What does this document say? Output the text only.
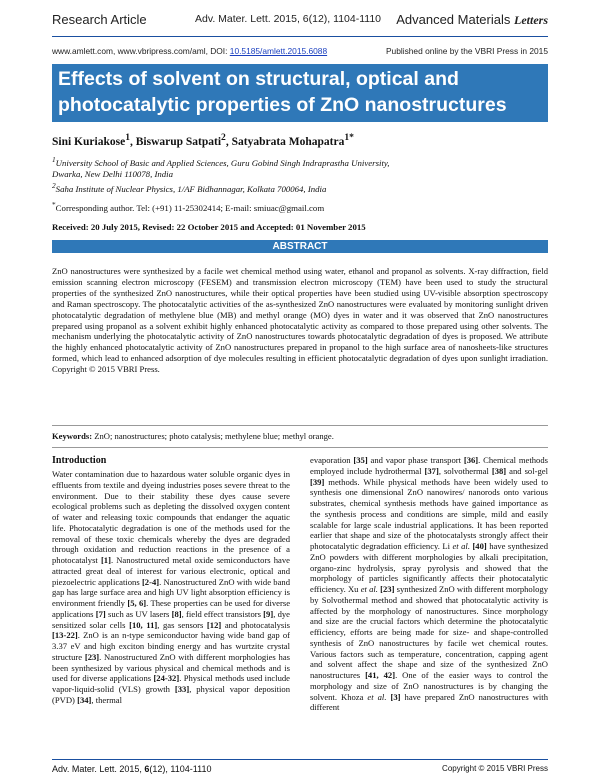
Research Article	Adv. Mater. Lett. 2015, 6(12), 1104-1110 Advanced Materials Letters
www.amlett.com, www.vbripress.com/aml, DOI: 10.5185/amlett.2015.6088	Published online by the VBRI Press in 2015
Effects of solvent on structural, optical and
photocatalytic properties of ZnO nanostructures
Sini Kuriakose$^1$, Biswarup Satpati$^2$, Satyabrata Mohapatra$^{1*}$
$^1$University School of Basic and Applied Sciences, Guru Gobind Singh Indraprastha University,
Dwarka, New Delhi 110078, India
$^2$Saha Institute of Nuclear Physics, 1/AF Bidhannagar, Kolkata 700064, India
*Corresponding author. Tel: (+91) 11-25302414; E-mail: smiuac@gmail.com
Received: 20 July 2015, Revised: 22 October 2015 and Accepted: 01 November 2015
ABSTRACT
ZnO nanostructures were synthesized by a facile wet chemical method using water, ethanol and propanol as solvents. X-ray diffraction, field emission scanning electron microscopy (FESEM) and transmission electron microscopy (TEM) have been used to study the structural properties of the synthesized ZnO nanostructures, while their optical properties have been studied using UV-visible absorption spectroscopy and Raman spectroscopy. The photocatalytic activities of the as-synthesized ZnO nanostructures were evaluated by monitoring sunlight driven photocatalytic degradation of methylene blue (MB) and methyl orange (MO) dyes in water and it was observed that ZnO nanostructures prepared using propanol as a solvent exhibit highly enhanced photocatalytic activity as compared to those prepared using other solvents. The mechanism underlying the photocatalytic activity of ZnO nanostructures towards photocatalytic degradation of dyes is proposed. We attribute the highly enhanced photocatalytic activity of ZnO nanostructures prepared in propanol to the high surface area of nanosheets-like structures formed, which lead to enhanced adsorption of dye molecules resulting in efficient photocatalytic degradation of dyes upon sunlight irradiation. Copyright © 2015 VBRI Press.
Keywords: ZnO; nanostructures; photo catalysis; methylene blue; methyl orange.
Introduction

Water contamination due to hazardous water soluble organic dyes in effluents from textile and dyeing industries poses severe threat to the environment. Due to their stability these dyes cause severe ecological problems such as depleting the dissolved oxygen content of water and releasing toxic compounds that endanger the aquatic life. Photocatalytic degradation is one of the methods used for the removal of these toxic chemicals whereby the dyes are degraded through oxidation and reduction reactions in the presence of a photocatalyst [1]. Nanostructured metal oxide semiconductors have attracted great deal of interest for various electronic, optical and piezoelectric applications [2-4]. Nanostructured ZnO with wide band gap has large surface area and high UV light absorption efficiency is environment friendly [5, 6]. These properties can be used for diverse applications [7] such as UV lasers [8], field effect transistors [9], dye sensitized solar cells [10, 11], gas sensors [12] and photocatalysis [13-22]. ZnO is an n-type semiconductor having wide band gap of 3.37 eV and high exciton binding energy and has wurtzite crystal structure [23]. Nanostructured ZnO with different morphologies has been synthesized by various physical and chemical methods and is used for diverse applications [24-32]. Physical methods used include vapor-liquid-solid (VLS) growth [33], physical vapor deposition (PVD) [34], thermal

evaporation [35] and vapor phase transport [36]. Chemical methods employed include hydrothermal [37], solvothermal [38] and sol-gel [39] methods. While physical methods have been widely used to synthesis one dimensional ZnO nanowires/ nanorods onto various substrates, chemical synthesis methods have gained importance as the synthesis process and conditions are simple, mild and easily scalable for large scale industrial applications. It has been reported earlier that shape and size of the photocatalysts strongly affect their photocatalytic degradation efficiency. Li et al. [40] have synthesized ZnO powders with different morphologies by alkali precipitation, organo-zinc hydrolysis, spray pyrolysis and showed that the morphology of particles significantly affects their photocatalytic efficiency. Xu et al. [23] synthesized ZnO with different morphology by Solvothermal method and showed that photocatalytic activity is affected by the morphology of nanostructures. Since morphology and size are the crucial factors which determine the photocatalytic efficiency, efforts are being made for size- and shape-controlled synthesis of ZnO nanostructures by facile wet chemical routes. Various factors such as temperature, concentration, capping agent and solvent affect the shape and size of the synthesized ZnO nanostructures [41, 42]. One of the easier ways to control the morphology and size of ZnO nanostructures is by changing the solvent. Khoza et al. [3] have prepared ZnO nanostructures with different

Adv. Mater. Lett. 2015, 6(12), 1104-1110	Copyright © 2015 VBRI Press
